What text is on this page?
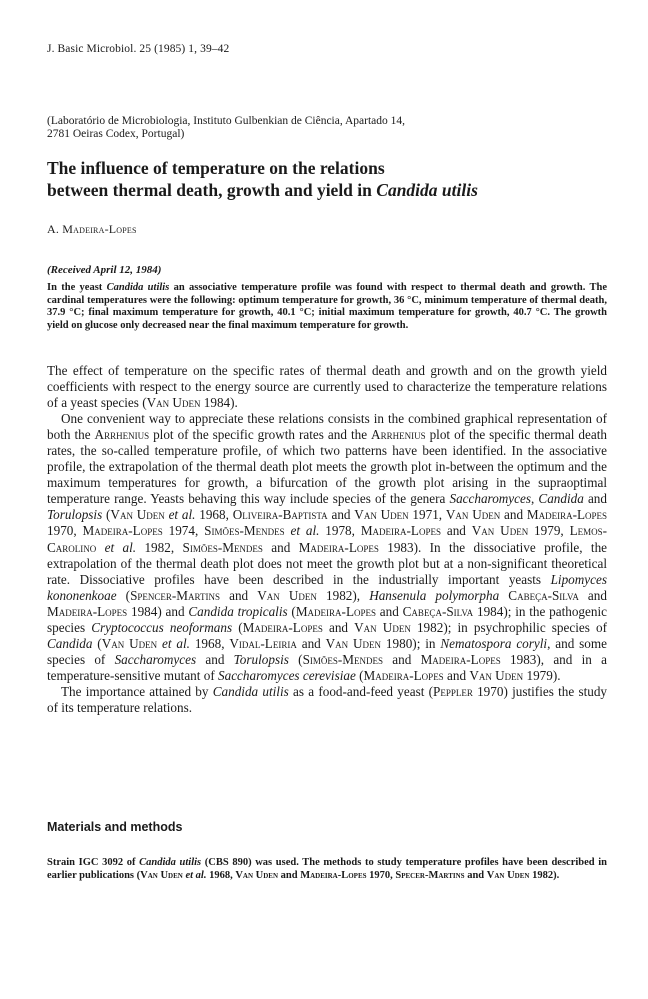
J. Basic Microbiol. 25 (1985) 1, 39–42
(Laboratório de Microbiologia, Instituto Gulbenkian de Ciência, Apartado 14,
2781 Oeiras Codex, Portugal)
The influence of temperature on the relations
between thermal death, growth and yield in Candida utilis
A. Madeira-Lopes
(Received April 12, 1984)
In the yeast Candida utilis an associative temperature profile was found with respect to thermal death and growth. The cardinal temperatures were the following: optimum temperature for growth, 36 °C, minimum temperature of thermal death, 37.9 °C; final maximum temperature for growth, 40.1 °C; initial maximum temperature for growth, 40.7 °C. The growth yield on glucose only decreased near the final maximum temperature for growth.

The effect of temperature on the specific rates of thermal death and growth and on the growth yield coefficients with respect to the energy source are currently used to characterize the temperature relations of a yeast species (Van Uden 1984).

One convenient way to appreciate these relations consists in the combined graphical representation of both the Arrhenius plot of the specific growth rates and the Arrhenius plot of the specific thermal death rates, the so-called temperature profile, of which two patterns have been identified. In the associative profile, the extrapolation of the thermal death plot meets the growth plot in-between the optimum and the maximum temperatures for growth, a bifurcation of the growth plot arising in the supraoptimal temperature range. Yeasts behaving this way include species of the genera Saccharomyces, Candida and Torulopsis (Van Uden et al. 1968, Oliveira-Baptista and Van Uden 1971, Van Uden and Madeira-Lopes 1970, Madeira-Lopes 1974, Simões-Mendes et al. 1978, Madeira-Lopes and Van Uden 1979, Lemos-Carolino et al. 1982, Simões-Mendes and Madeira-Lopes 1983). In the dissociative profile, the extrapolation of the thermal death plot does not meet the growth plot but at a non-significant theoretical rate. Dissociative profiles have been described in the industrially important yeasts Lipomyces kononenkoae (Spencer-Martins and Van Uden 1982), Hansenula polymorpha Cabeça-Silva and Madeira-Lopes 1984) and Candida tropicalis (Madeira-Lopes and Cabeça-Silva 1984); in the pathogenic species Cryptococcus neoformans (Madeira-Lopes and Van Uden 1982); in psychrophilic species of Candida (Van Uden et al. 1968, Vidal-Leiria and Van Uden 1980); in Nematospora coryli, and some species of Saccharomyces and Torulopsis (Simões-Mendes and Madeira-Lopes 1983), and in a temperature-sensitive mutant of Saccharomyces cerevisiae (Madeira-Lopes and Van Uden 1979).

The importance attained by Candida utilis as a food-and-feed yeast (Peppler 1970) justifies the study of its temperature relations.

Materials and methods
Strain IGC 3092 of Candida utilis (CBS 890) was used. The methods to study temperature profiles have been described in earlier publications (Van Uden et al. 1968, Van Uden and Madeira-Lopes 1970, Specer-Martins and Van Uden 1982).
